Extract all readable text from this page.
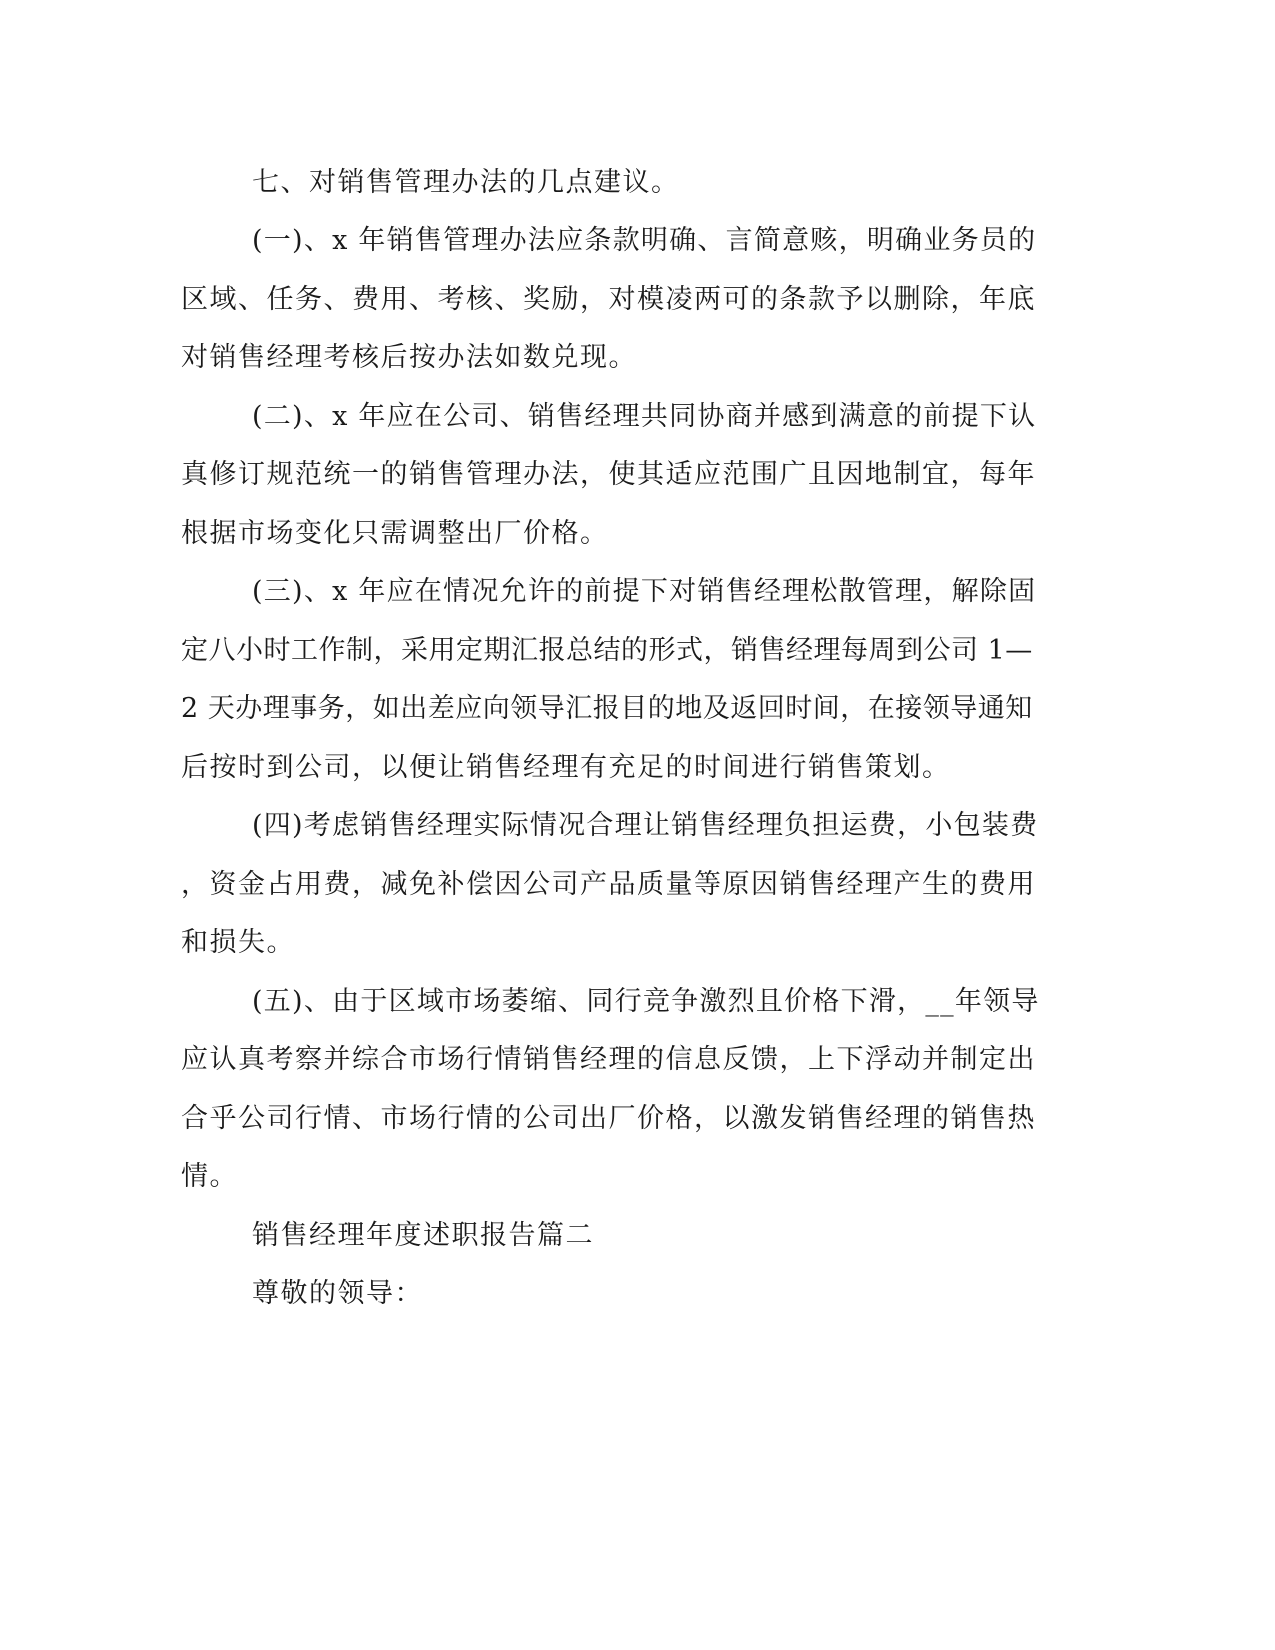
七、对销售管理办法的几点建议。
(一)、x 年销售管理办法应条款明确、言简意赅，明确业务员的
区域、任务、费用、考核、奖励，对模凌两可的条款予以删除，年底
对销售经理考核后按办法如数兑现。
(二)、x 年应在公司、销售经理共同协商并感到满意的前提下认
真修订规范统一的销售管理办法，使其适应范围广且因地制宜，每年
根据市场变化只需调整出厂价格。
(三)、x 年应在情况允许的前提下对销售经理松散管理，解除固
定八小时工作制，采用定期汇报总结的形式，销售经理每周到公司 1—
2 天办理事务，如出差应向领导汇报目的地及返回时间，在接领导通知
后按时到公司，以便让销售经理有充足的时间进行销售策划。
(四)考虑销售经理实际情况合理让销售经理负担运费，小包装费
，资金占用费，减免补偿因公司产品质量等原因销售经理产生的费用
和损失。
(五)、由于区域市场萎缩、同行竞争激烈且价格下滑，__年领导
应认真考察并综合市场行情销售经理的信息反馈，上下浮动并制定出
合乎公司行情、市场行情的公司出厂价格，以激发销售经理的销售热
情。
销售经理年度述职报告篇二
尊敬的领导：
